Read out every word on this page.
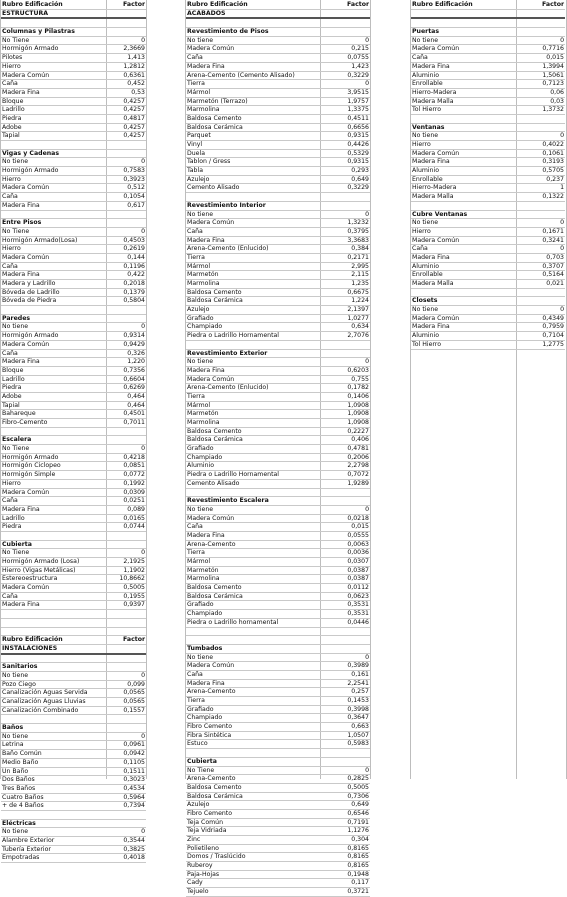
Rubro Edificación	Factor
ESTRUCTURA
Columnas y Pilastras
No Tiene	0
Hormigón Armado	2,3669
Pilotes	1,413
Hierro	1,2812
Madera Común	0,6361
Caña	0,452
Madera Fina	0,53
Bloque	0,4257
Ladrillo	0,4257
Piedra	0,4817
Adobe	0,4257
Tapial	0,4257
Vigas y Cadenas
No tiene	0
Hormigón Armado	0,7583
Hierro	0,3923
Madera Común	0,512
Caña	0,1054
Madera Fina	0,617
Entre Pisos
No Tiene	0
Hormigón Armado(Losa)	0,4503
Hierro	0,2619
Madera Común	0,144
Caña	0,1196
Madera Fina	0,422
Madera y Ladrillo	0,2018
Bóveda de Ladrillo	0,1379
Bóveda de Piedra	0,5804
Paredes
No tiene	0
Hormigón Armado	0,9314
Madera Común	0,9429
Caña	0,326
Madera Fina	1,220
Bloque	0,7356
Ladrillo	0,6604
Piedra	0,6269
Adobe	0,464
Tapial	0,464
Bahareque	0,4501
Fibro-Cemento	0,7011
Escalera
No Tiene	0
Hormigón Armado	0,4218
Hormigón Ciclopeo	0,0851
Hormigón Simple	0,0772
Hierro	0,1992
Madera Común	0,0309
Caña	0,0251
Madera Fina	0,089
Ladrillo	0,0165
Piedra	0,0744
Cubierta
No Tiene	0
Hormigón Armado (Losa)	2,1925
Hierro (Vigas Metálicas)	1,1902
Estereoestructura	10,8662
Madera Común	0,5005
Caña	0,1955
Madera Fina	0,9397
Rubro Edificación	Factor
INSTALACIONES
Sanitarios
No tiene	0
Pozo Ciego	0,099
Canalización Aguas Servida	0,0565
Canalización Aguas Lluvias	0,0565
Canalización Combinado	0,1557
Baños
No tiene	0
Letrina	0,0961
Baño Común	0,0942
Medio Baño	0,1105
Un Baño	0,1511
Dos Baños	0,3023
Tres Baños	0,4534
Cuatro Baños	0,5964
+ de 4 Baños	0,7394
Eléctricas
No tiene	0
Alambre Exterior	0,3544
Tubería Exterior	0,3825
Empotradas	0,4018
Rubro Edificación	Factor
ACABADOS
Revestimiento de Pisos
No tiene	0
Madera Común	0,215
Caña	0,0755
Madera Fina	1,423
Arena-Cemento (Cemento Alisado)	0,3229
Tierra	0
Mármol	3,9515
Marmetón (Terrazo)	1,9757
Marmolina	1,3375
Baldosa Cemento	0,4511
Baldosa Cerámica	0,6656
Parquet	0,9315
Vinyl	0,4426
Duela	0,5329
Tablon / Gress	0,9315
Tabla	0,293
Azulejo	0,649
Cemento Alisado	0,3229
Revestimiento Interior
No tiene	0
Madera Común	1,3232
Caña	0,3795
Madera Fina	3,3683
Arena-Cemento (Enlucido)	0,384
Tierra	0,2171
Mármol	2,995
Marmetón	2,115
Marmolina	1,235
Baldosa Cemento	0,6675
Baldosa Cerámica	1,224
Azulejo	2,1397
Grafiado	1,0277
Champiado	0,634
Piedra o Ladrillo Hornamental	2,7076
Revestimiento Exterior
No tiene	0
Madera Fina	0,6203
Madera Común	0,755
Arena-Cemento (Enlucido)	0,1782
Tierra	0,1406
Mármol	1,0908
Marmetón	1,0908
Marmolina	1,0908
Baldosa Cemento	0,2227
Baldosa Cerámica	0,406
Grafiado	0,4781
Champiado	0,2006
Aluminio	2,2798
Piedra o Ladrillo Hornamental	0,7072
Cemento Alisado	1,9289
Revestimiento Escalera
No tiene	0
Madera Común	0,0218
Caña	0,015
Madera Fina	0,0555
Arena-Cemento	0,0063
Tierra	0,0036
Mármol	0,0307
Marmetón	0,0387
Marmolina	0,0387
Baldosa Cemento	0,0112
Baldosa Cerámica	0,0623
Grafiado	0,3531
Champiado	0,3531
Piedra o Ladrillo hornamental	0,0446
Tumbados
No tiene	0
Madera Común	0,3989
Caña	0,161
Madera Fina	2,2541
Arena-Cemento	0,257
Tierra	0,1453
Grafiado	0,3998
Champiado	0,3647
Fibro Cemento	0,663
Fibra Sintética	1,0507
Estuco	0,5983
Cubierta
No Tiene	0
Arena-Cemento	0,2825
Baldosa Cemento	0,5005
Baldosa Cerámica	0,7306
Azulejo	0,649
Fibro Cemento	0,6546
Teja Común	0,7191
Teja Vidriada	1,1276
Zinc	0,304
Polietileno	0,8165
Domos / Traslúcido	0,8165
Ruberoy	0,8165
Paja-Hojas	0,1948
Cady	0,117
Tejuelo	0,3721
Rubro Edificación	Factor
Puertas
No tiene	0
Madera Común	0,7716
Caña	0,015
Madera Fina	1,3994
Aluminio	1,5061
Enrollable	0,7123
Hierro-Madera	0,06
Madera Malla	0,03
Tol Hierro	1,3732
Ventanas
No tiene	0
Hierro	0,4022
Madera Común	0,1061
Madera Fina	0,3193
Aluminio	0,5705
Enrollable	0,237
Hierro-Madera	1
Madera Malla	0,1322
Cubre Ventanas
No tiene	0
Hierro	0,1671
Madera Común	0,3241
Caña	0
Madera Fina	0,703
Aluminio	0,3707
Enrollable	0,5164
Madera Malla	0,021
Closets
No tiene	0
Madera Común	0,4349
Madera Fina	0,7959
Aluminio	0,7104
Tol Hierro	1,2775
